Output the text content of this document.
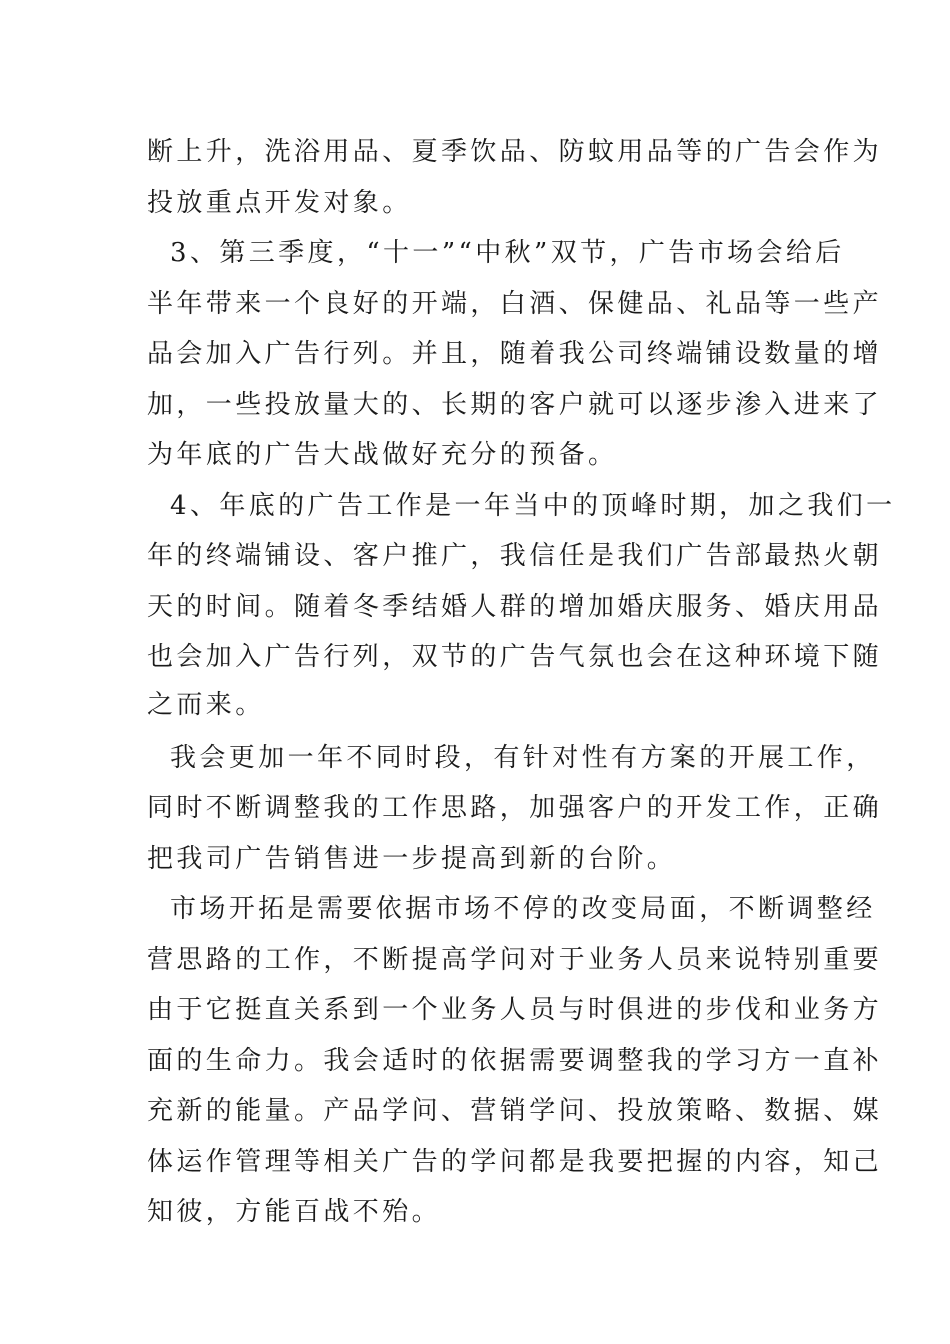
断上升，洗浴用品、夏季饮品、防蚊用品等的广告会作为
投放重点开发对象。
3、第三季度，“十一”“中秋”双节，广告市场会给后
半年带来一个良好的开端，白酒、保健品、礼品等一些产
品会加入广告行列。并且，随着我公司终端铺设数量的增
加，一些投放量大的、长期的客户就可以逐步渗入进来了
为年底的广告大战做好充分的预备。
4、年底的广告工作是一年当中的顶峰时期，加之我们一
年的终端铺设、客户推广，我信任是我们广告部最热火朝
天的时间。随着冬季结婚人群的增加婚庆服务、婚庆用品
也会加入广告行列，双节的广告气氛也会在这种环境下随
之而来。
我会更加一年不同时段，有针对性有方案的开展工作，
同时不断调整我的工作思路，加强客户的开发工作，正确
把我司广告销售进一步提高到新的台阶。
市场开拓是需要依据市场不停的改变局面，不断调整经
营思路的工作，不断提高学问对于业务人员来说特别重要
由于它挺直关系到一个业务人员与时俱进的步伐和业务方
面的生命力。我会适时的依据需要调整我的学习方一直补
充新的能量。产品学问、营销学问、投放策略、数据、媒
体运作管理等相关广告的学问都是我要把握的内容，知己
知彼，方能百战不殆。
